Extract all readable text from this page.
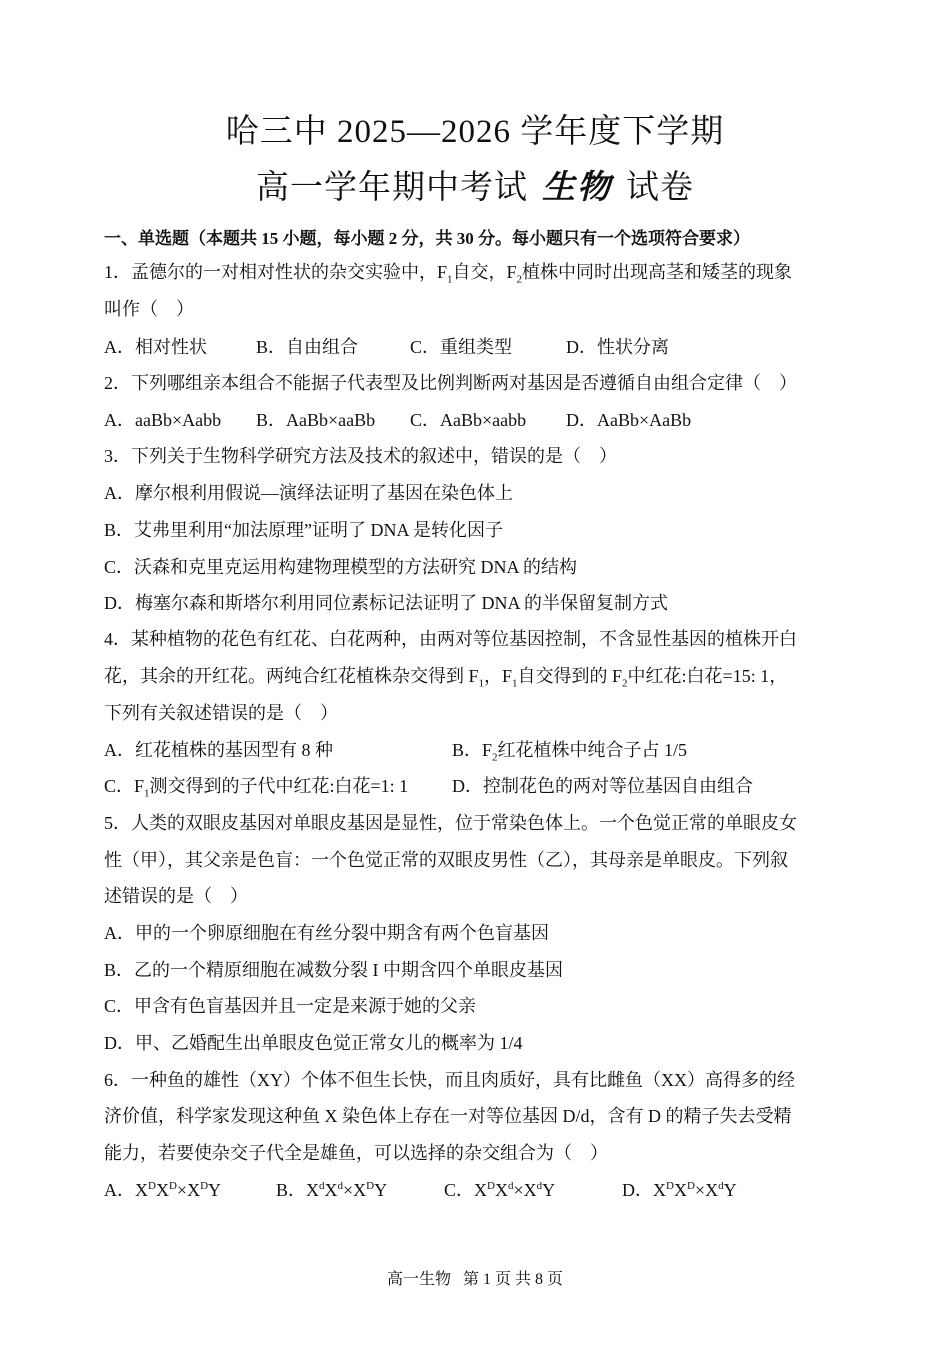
哈三中 2025—2026 学年度下学期
高一学年期中考试 生物 试卷
一、单选题（本题共 15 小题，每小题 2 分，共 30 分。每小题只有一个选项符合要求）
1．孟德尔的一对相对性状的杂交实验中，$F_1$自交，$F_2$植株中同时出现高茎和矮茎的现象
叫作（　）
A．相对性状	B．自由组合	C．重组类型	D．性状分离
2．下列哪组亲本组合不能据子代表型及比例判断两对基因是否遵循自由组合定律（　）
A．aaBb×Aabb B．AaBb×aaBb C．AaBb×aabb D．AaBb×AaBb
3．下列关于生物科学研究方法及技术的叙述中，错误的是（　）
A．摩尔根利用假说—演绎法证明了基因在染色体上
B．艾弗里利用“加法原理”证明了 DNA 是转化因子
C．沃森和克里克运用构建物理模型的方法研究 DNA 的结构
D．梅塞尔森和斯塔尔利用同位素标记法证明了 DNA 的半保留复制方式
4．某种植物的花色有红花、白花两种，由两对等位基因控制，不含显性基因的植株开白
花，其余的开红花。两纯合红花植株杂交得到 $F_1$，$F_1$自交得到的 $F_2$中红花:白花=15: 1，
下列有关叙述错误的是（　）
A．红花植株的基因型有 8 种	B．$F_2$红花植株中纯合子占 1/5
C．$F_1$测交得到的子代中红花:白花=1: 1 D．控制花色的两对等位基因自由组合
5．人类的双眼皮基因对单眼皮基因是显性，位于常染色体上。一个色觉正常的单眼皮女
性（甲），其父亲是色盲：一个色觉正常的双眼皮男性（乙），其母亲是单眼皮。下列叙
述错误的是（　）
A．甲的一个卵原细胞在有丝分裂中期含有两个色盲基因
B．乙的一个精原细胞在减数分裂 I 中期含四个单眼皮基因
C．甲含有色盲基因并且一定是来源于她的父亲
D．甲、乙婚配生出单眼皮色觉正常女儿的概率为 1/4
6．一种鱼的雄性（XY）个体不但生长快，而且肉质好，具有比雌鱼（XX）高得多的经
济价值，科学家发现这种鱼 X 染色体上存在一对等位基因 D/d，含有 D 的精子失去受精
能力，若要使杂交子代全是雄鱼，可以选择的杂交组合为（　）
A．$X^DX^D\times X^DY$	B．$X^dX^d\times X^DY$	C．$X^DX^d\times X^dY$	D．$X^DX^D\times X^dY$
高一生物 第 1 页 共 8 页
